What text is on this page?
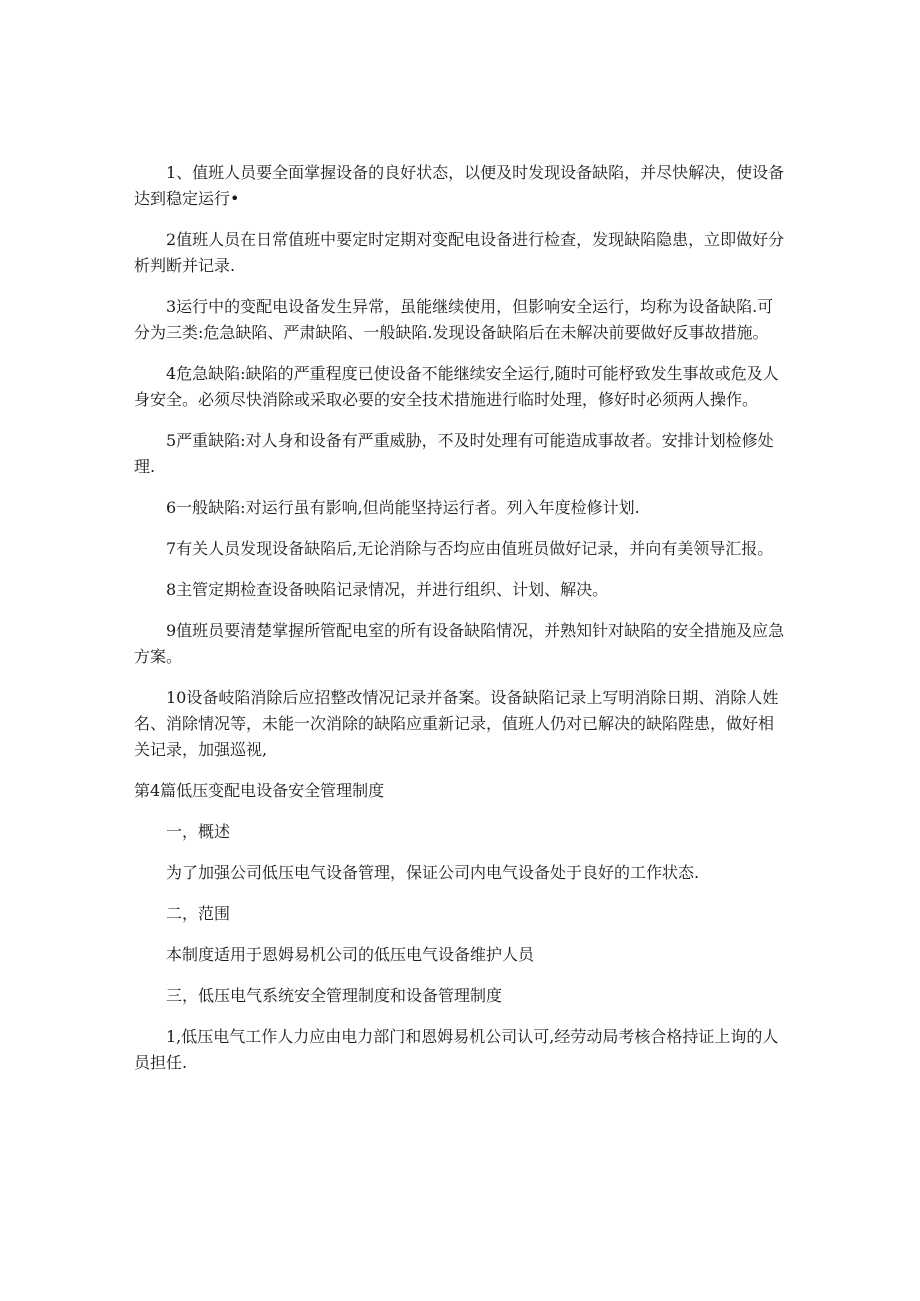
1、值班人员要全面掌握设备的良好状态，以便及时发现设备缺陷，并尽快解决，使设备达到稳定运行•

2值班人员在日常值班中要定时定期对变配电设备进行检查，发现缺陷隐患，立即做好分析判断并记录.

3运行中的变配电设备发生异常，虽能继续使用，但影响安全运行，均称为设备缺陷.可分为三类:危急缺陷、严肃缺陷、一般缺陷.发现设备缺陷后在未解决前要做好反事故措施。

4危急缺陷:缺陷的严重程度已使设备不能继续安全运行,随时可能杼致发生事故或危及人身安全。必须尽快消除或采取必要的安全技术措施进行临时处理，修好时必须两人操作。

5严重缺陷:对人身和设备有严重威胁，不及时处理有可能造成事故者。安排计划检修处理.

6一般缺陷:对运行虽有影响,但尚能坚持运行者。列入年度检修计划.

7有关人员发现设备缺陷后,无论消除与否均应由值班员做好记录，并向有美领导汇报。

8主管定期检查设备映陷记录情况，并进行组织、计划、解决。

9值班员要清楚掌握所管配电室的所有设备缺陷情况，并熟知针对缺陷的安全措施及应急方案。

10设备岐陷消除后应招整改情况记录并备案。设备缺陷记录上写明消除日期、消除人姓名、消除情况等，未能一次消除的缺陷应重新记录，值班人仍对已解决的缺陷陛患，做好相关记录，加强巡视,

第4篇低压变配电设备安全管理制度

一，概述

为了加强公司低压电气设备管理，保证公司内电气设备处于良好的工作状态.

二，范围

本制度适用于恩姆易机公司的低压电气设备维护人员

三，低压电气系统安全管理制度和设备管理制度

1,低压电气工作人力应由电力部门和恩姆易机公司认可,经劳动局考核合格持证上询的人员担任.
